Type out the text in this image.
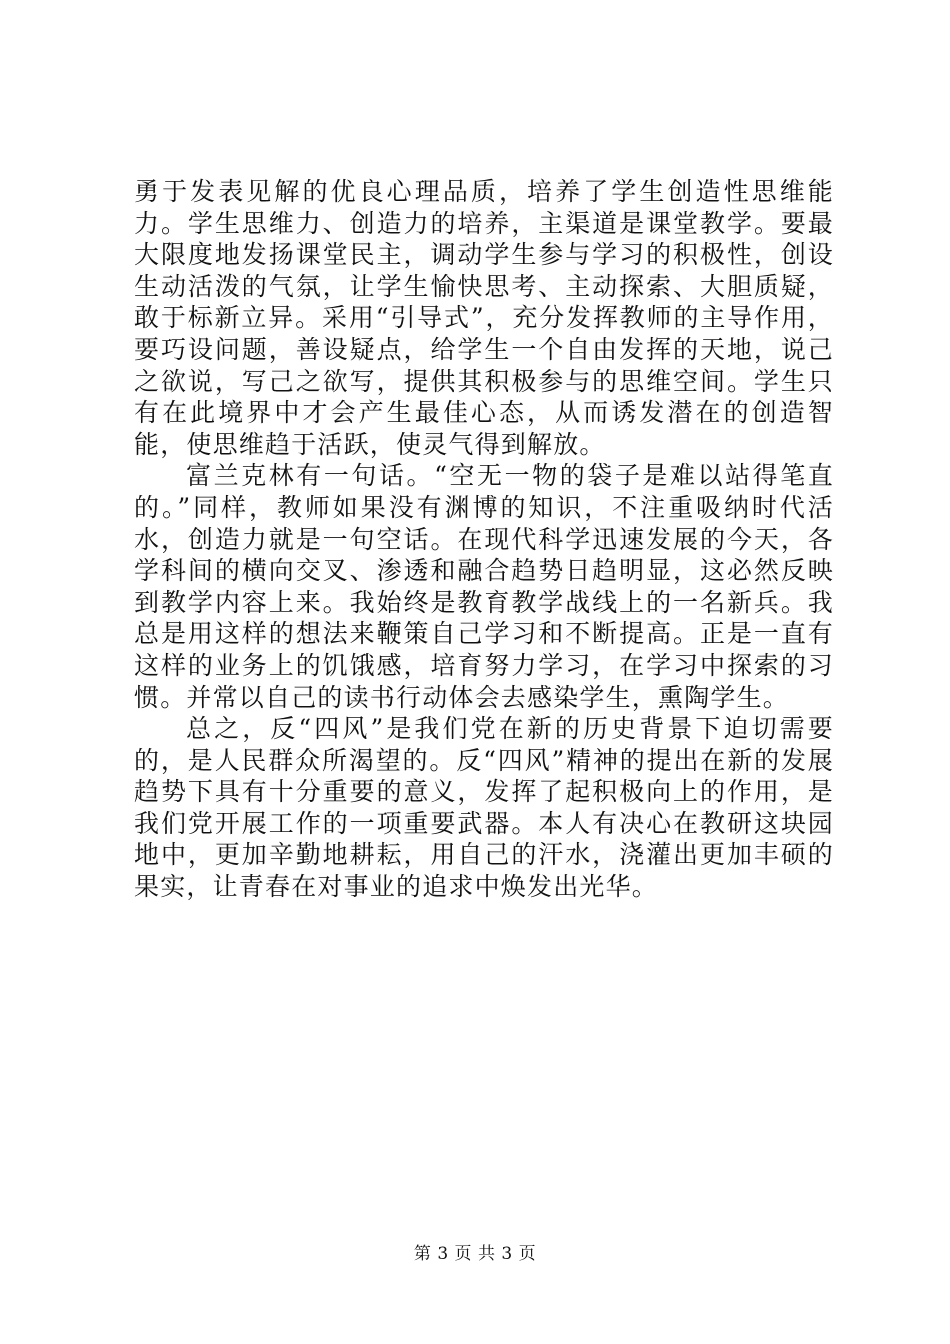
勇于发表见解的优良心理品质，培养了学生创造性思维能力。学生思维力、创造力的培养，主渠道是课堂教学。要最大限度地发扬课堂民主，调动学生参与学习的积极性，创设生动活泼的气氛，让学生愉快思考、主动探索、大胆质疑，敢于标新立异。采用“引导式”，充分发挥教师的主导作用，要巧设问题，善设疑点，给学生一个自由发挥的天地，说己之欲说，写己之欲写，提供其积极参与的思维空间。学生只有在此境界中才会产生最佳心态，从而诱发潜在的创造智能，使思维趋于活跃，使灵气得到解放。

富兰克林有一句话。“空无一物的袋子是难以站得笔直的。”同样，教师如果没有渊博的知识，不注重吸纳时代活水，创造力就是一句空话。在现代科学迅速发展的今天，各学科间的横向交叉、渗透和融合趋势日趋明显，这必然反映到教学内容上来。我始终是教育教学战线上的一名新兵。我总是用这样的想法来鞭策自己学习和不断提高。正是一直有这样的业务上的饥饿感，培育努力学习，在学习中探索的习惯。并常以自己的读书行动体会去感染学生，熏陶学生。

总之，反“四风”是我们党在新的历史背景下迫切需要的，是人民群众所渴望的。反“四风”精神的提出在新的发展趋势下具有十分重要的意义，发挥了起积极向上的作用，是我们党开展工作的一项重要武器。本人有决心在教研这块园地中，更加辛勤地耕耘，用自己的汗水，浇灌出更加丰硕的果实，让青春在对事业的追求中焕发出光华。

第 3 页 共 3 页
